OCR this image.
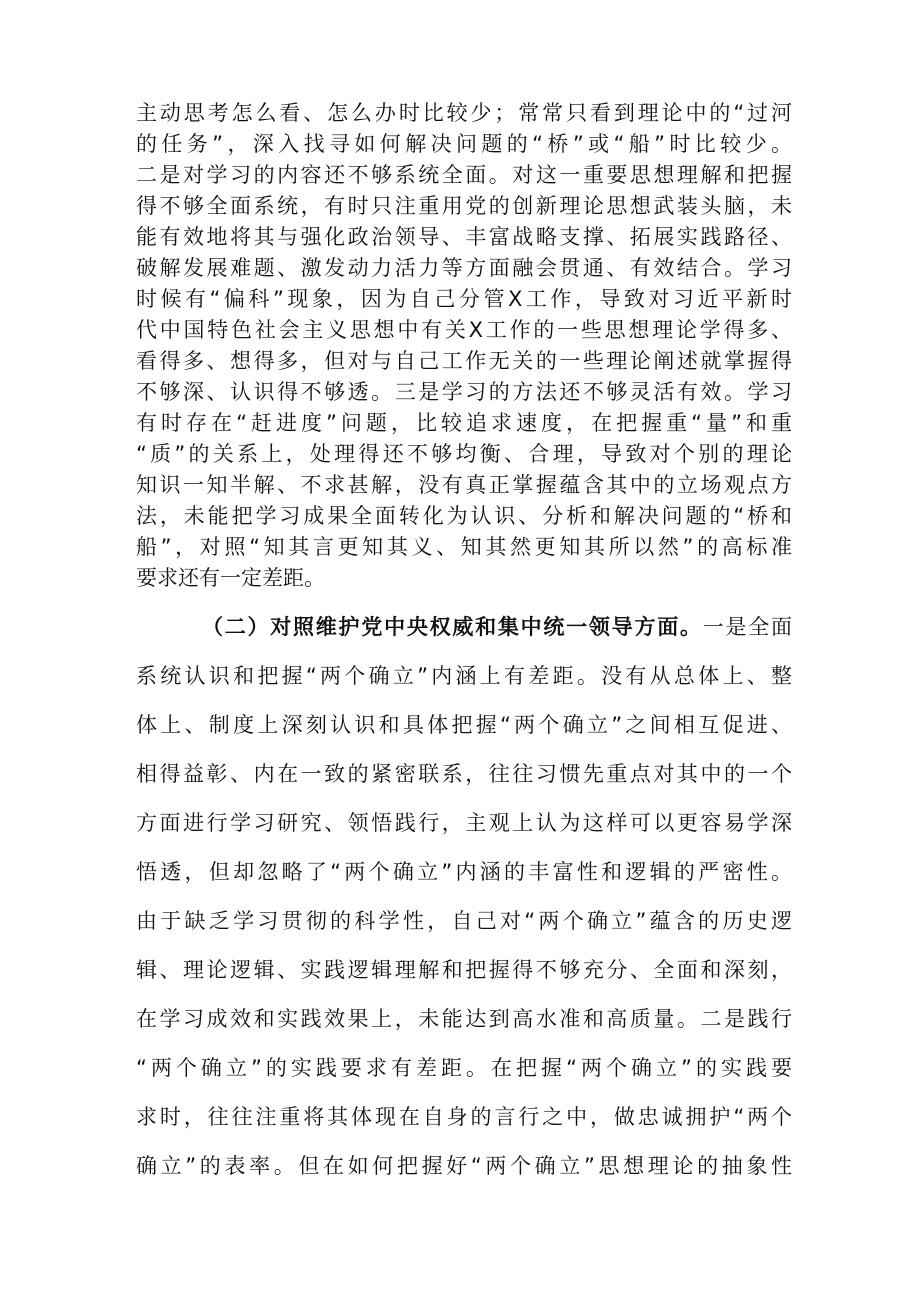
主动思考怎么看、怎么办时比较少；常常只看到理论中的“过河
的任务”，深入找寻如何解决问题的“桥”或“船”时比较少。
二是对学习的内容还不够系统全面。对这一重要思想理解和把握
得不够全面系统，有时只注重用党的创新理论思想武装头脑，未
能有效地将其与强化政治领导、丰富战略支撑、拓展实践路径、
破解发展难题、激发动力活力等方面融会贯通、有效结合。学习
时候有“偏科”现象，因为自己分管X工作，导致对习近平新时
代中国特色社会主义思想中有关X工作的一些思想理论学得多、
看得多、想得多，但对与自己工作无关的一些理论阐述就掌握得
不够深、认识得不够透。三是学习的方法还不够灵活有效。学习
有时存在“赶进度”问题，比较追求速度，在把握重“量”和重
“质”的关系上，处理得还不够均衡、合理，导致对个别的理论
知识一知半解、不求甚解，没有真正掌握蕴含其中的立场观点方
法，未能把学习成果全面转化为认识、分析和解决问题的“桥和
船”，对照“知其言更知其义、知其然更知其所以然”的高标准
要求还有一定差距。
（二）对照维护党中央权威和集中统一领导方面。一是全面
系统认识和把握“两个确立”内涵上有差距。没有从总体上、整
体上、制度上深刻认识和具体把握“两个确立”之间相互促进、
相得益彰、内在一致的紧密联系，往往习惯先重点对其中的一个
方面进行学习研究、领悟践行，主观上认为这样可以更容易学深
悟透，但却忽略了“两个确立”内涵的丰富性和逻辑的严密性。
由于缺乏学习贯彻的科学性，自己对“两个确立”蕴含的历史逻
辑、理论逻辑、实践逻辑理解和把握得不够充分、全面和深刻，
在学习成效和实践效果上，未能达到高水准和高质量。二是践行
“两个确立”的实践要求有差距。在把握“两个确立”的实践要
求时，往往注重将其体现在自身的言行之中，做忠诚拥护“两个
确立”的表率。但在如何把握好“两个确立”思想理论的抽象性
